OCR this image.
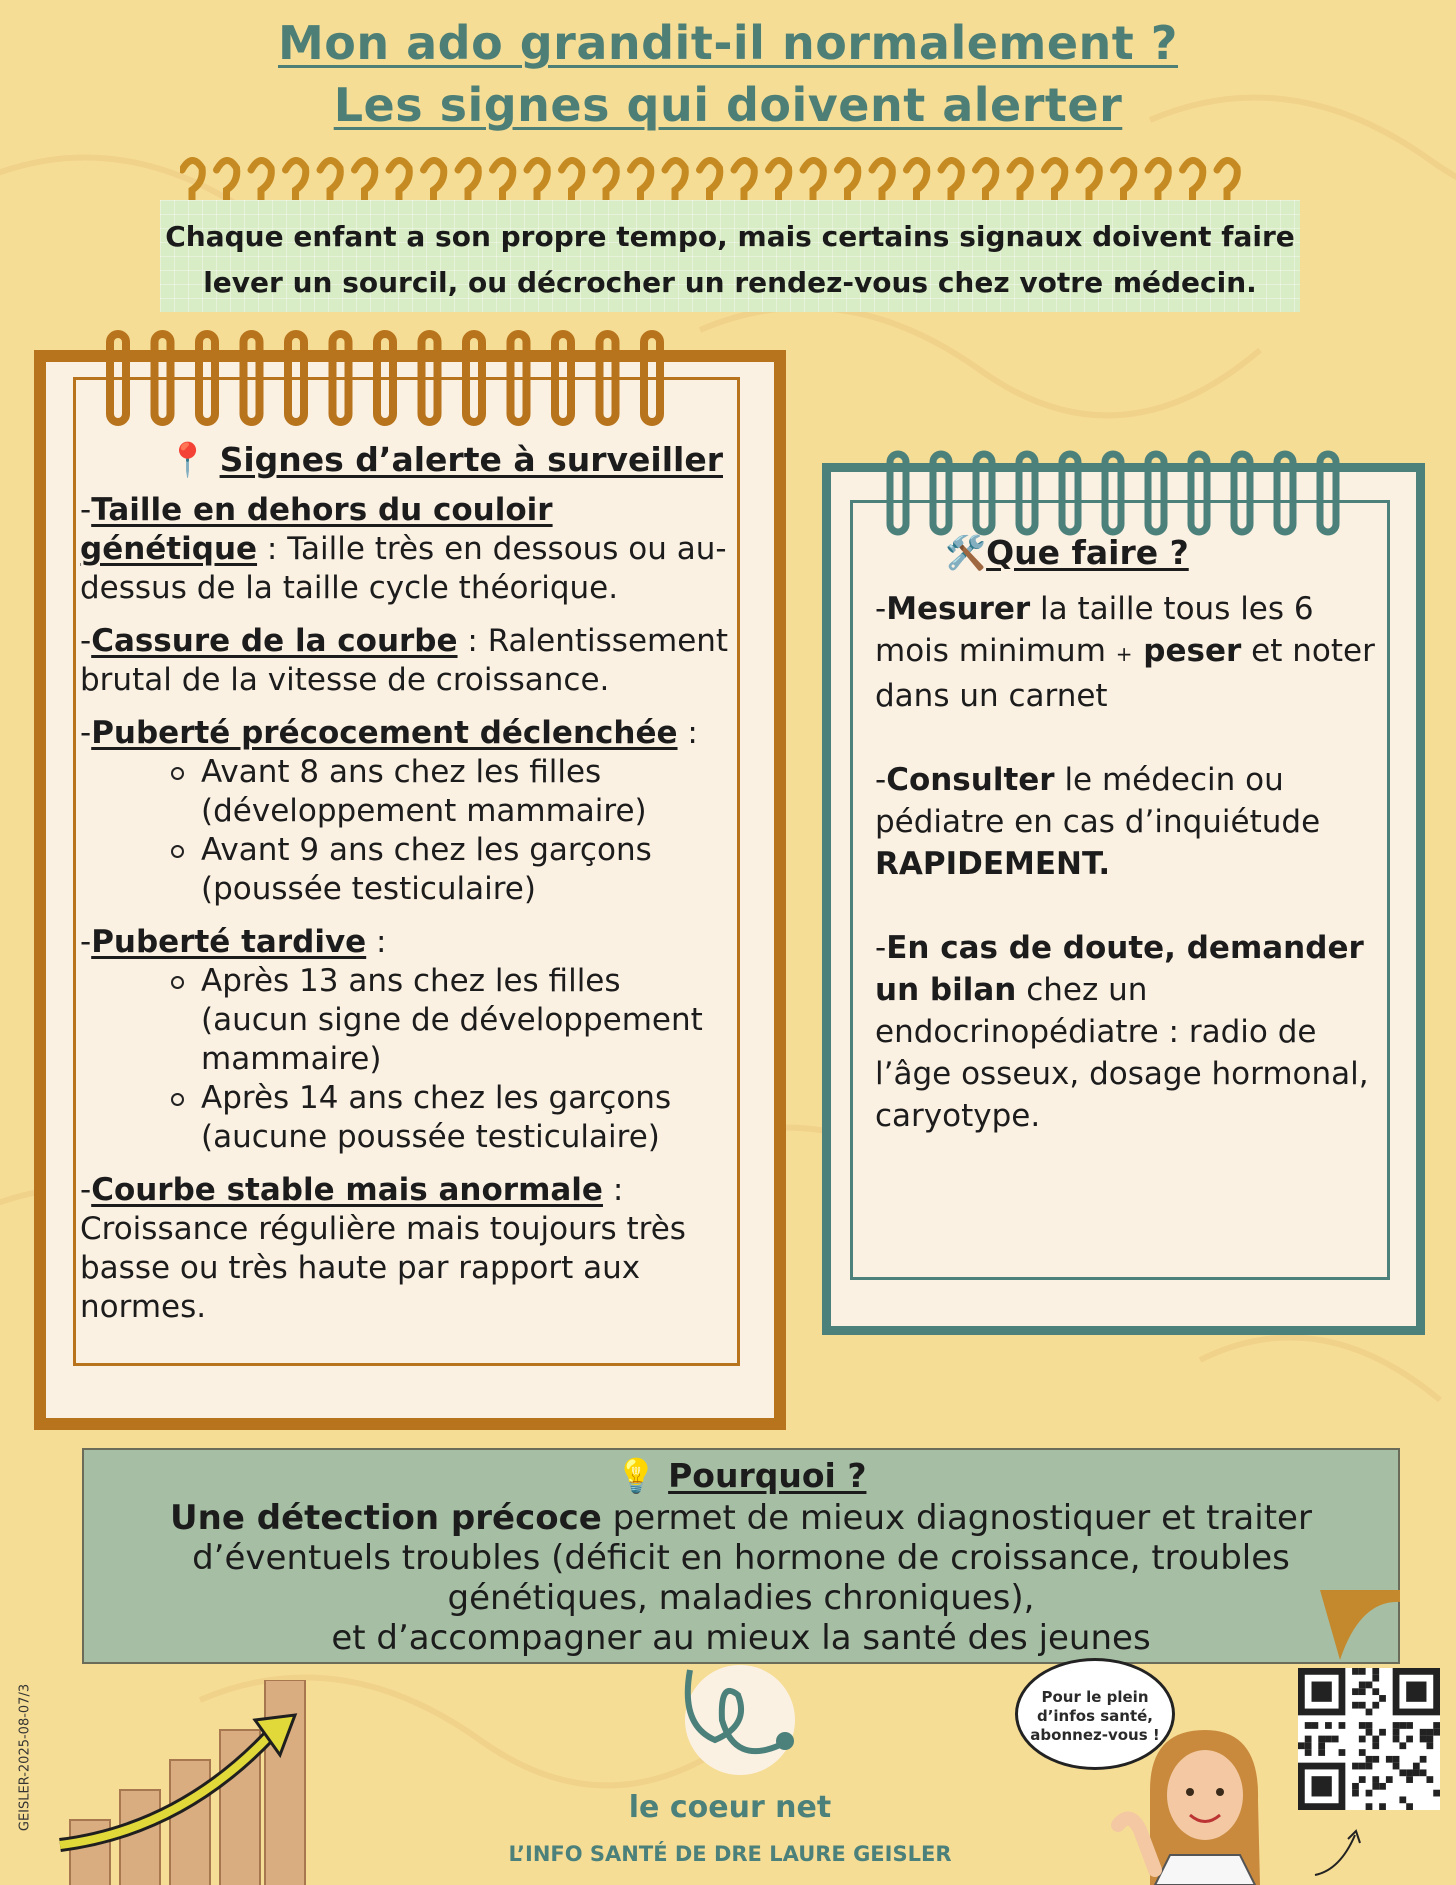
Mon ado grandit-il normalement ?
Les signes qui doivent alerter
Chaque enfant a son propre tempo, mais certains signaux doivent faire
lever un sourcil, ou décrocher un rendez-vous chez votre médecin.
📍 Signes d’alerte à surveiller
-Taille en dehors du couloir génétique : Taille très en dessous ou au-dessus de la taille cycle théorique.
-Cassure de la courbe : Ralentissement brutal de la vitesse de croissance.
-Puberté précocement déclenchée :
Avant 8 ans chez les filles (développement mammaire)
Avant 9 ans chez les garçons (poussée testiculaire)
-Puberté tardive :
Après 13 ans chez les filles (aucun signe de développement mammaire)
Après 14 ans chez les garçons (aucune poussée testiculaire)
-Courbe stable mais anormale : Croissance régulière mais toujours très basse ou très haute par rapport aux normes.
🛠️Que faire ?
-Mesurer la taille tous les 6 mois minimum + peser et noter dans un carnet
-Consulter le médecin ou pédiatre en cas d’inquiétude RAPIDEMENT.
-En cas de doute, demander un bilan chez un endocrinopédiatre : radio de l’âge osseux, dosage hormonal, caryotype.
💡 Pourquoi ?
Une détection précoce permet de mieux diagnostiquer et traiter
d’éventuels troubles (déficit en hormone de croissance, troubles
génétiques, maladies chroniques),
et d’accompagner au mieux la santé des jeunes
GEISLER-2025-08-07/3	le coeur net
L’INFO SANTÉ DE DRE LAURE GEISLER
Pour le plein
d’infos santé,
abonnez-vous !
